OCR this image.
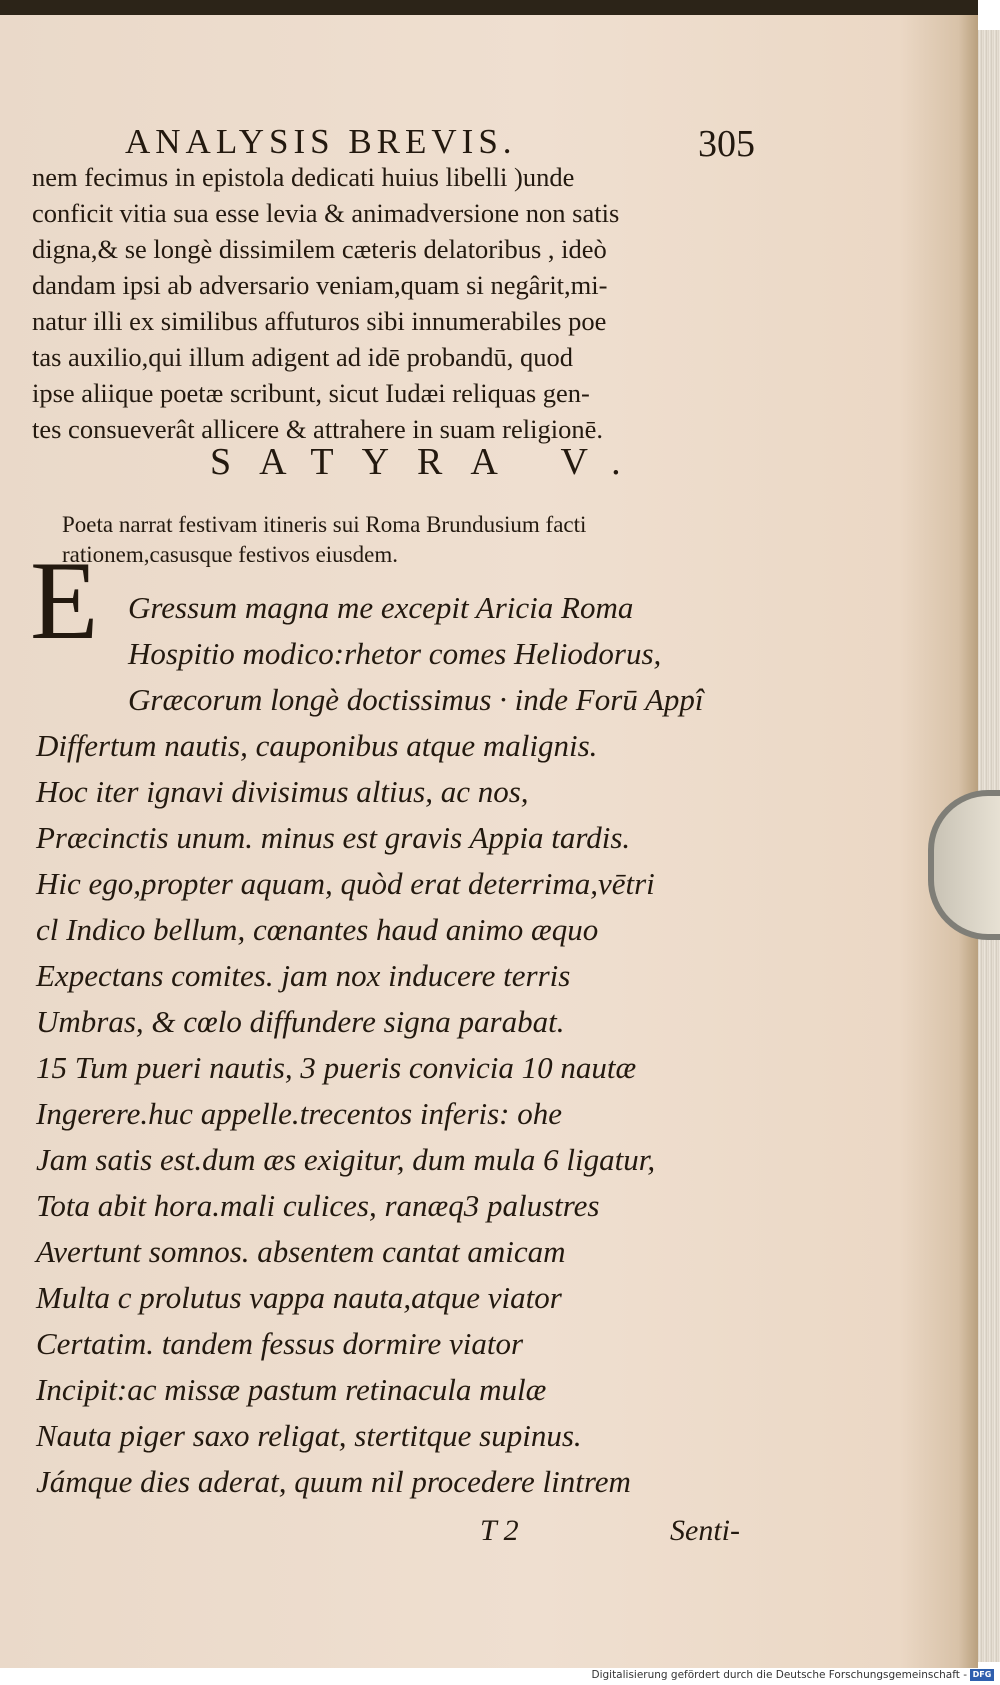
ANALYSIS BREVIS.	305
nem fecimus in epistola dedicati huius libelli )unde
conficit vitia sua esse levia & animadversione non satis
digna,& se longè dissimilem cæteris delatoribus , ideò
dandam ipsi ab adversario veniam,quam si negârit,mi-
natur illi ex similibus affuturos sibi innumerabiles poe
tas auxilio,qui illum adigent ad idē probandū, quod
ipse aliique poetæ scribunt, sicut Iudæi reliquas gen-
tes consueverât allicere & attrahere in suam religionē.
SATYRA V.
Poeta narrat festivam itineris sui Roma Brundusium facti
rationem,casusque festivos eiusdem.
E Gressum magna me excepit Aricia Roma
Hospitio modico:rhetor comes Heliodorus,
Græcorum longè doctissimus · inde Forū Appî
Differtum nautis, cauponibus atque malignis.
Hoc iter ignavi divisimus altius, ac nos,
Præcinctis unum. minus est gravis Appia tardis.
Hic ego,propter aquam, quòd erat deterrima,vētri
cl Indico bellum, cœnantes haud animo æquo
Expectans comites. jam nox inducere terris
Umbras, & cœlo diffundere signa parabat.
15 Tum pueri nautis, 3 pueris convicia 10 nautæ
Ingerere.huc appelle.trecentos inferis: ohe
Jam satis est.dum æs exigitur, dum mula 6 ligatur,
Tota abit hora.mali culices, ranæq3 palustres
Avertunt somnos. absentem cantat amicam
Multa c prolutus vappa nauta,atque viator
Certatim. tandem fessus dormire viator
Incipit:ac missæ pastum retinacula mulæ
Nauta piger saxo religat, stertitque supinus.
Jámque dies aderat, quum nil procedere lintrem
T 2	Senti-
Digitalisierung gefördert durch die Deutsche Forschungsgemeinschaft - DFG
